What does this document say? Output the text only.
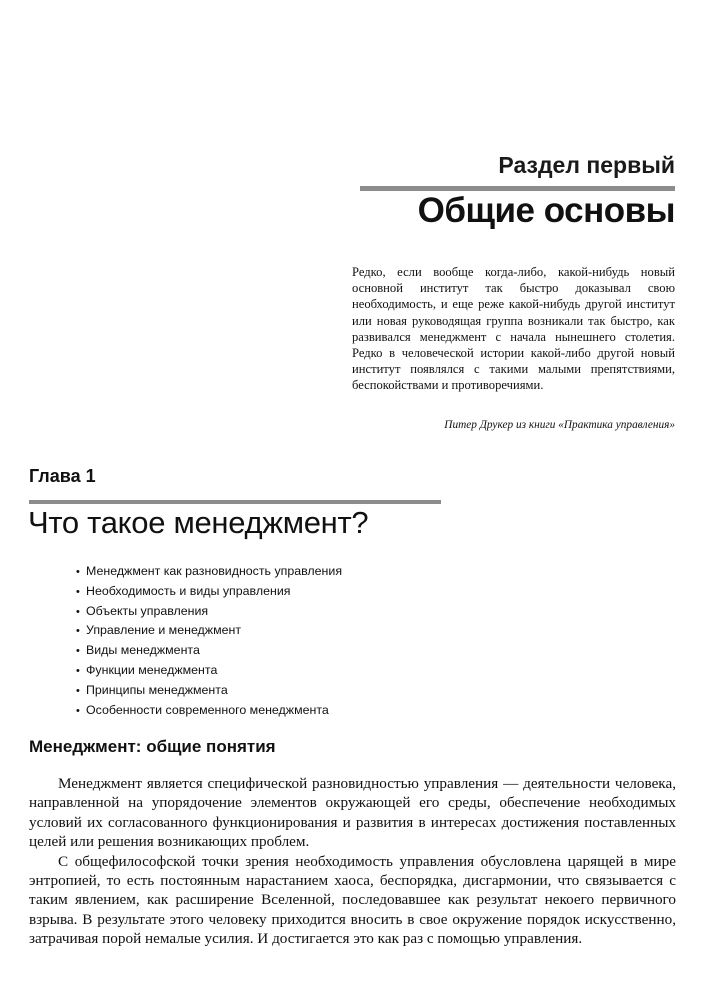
Раздел первый
Общие основы

Редко, если вообще когда-либо, какой-нибудь новый основной институт так быстро доказывал свою необходимость, и еще реже какой-нибудь другой институт или новая руководящая группа возникали так быстро, как развивался менеджмент с начала нынешнего столетия. Редко в человеческой истории какой-либо другой новый институт появлялся с такими малыми препятствиями, беспокойствами и противоречиями.

Питер Друкер из книги «Практика управления»

Глава 1
Что такое менеджмент?
• Менеджмент как разновидность управления
• Необходимость и виды управления
• Объекты управления
• Управление и менеджмент
• Виды менеджмента
• Функции менеджмента
• Принципы менеджмента
• Особенности современного менеджмента
Менеджмент: общие понятия

Менеджмент является специфической разновидностью управления — деятельности человека, направленной на упорядочение элементов окружающей его среды, обеспечение необходимых условий их согласованного функционирования и развития в интересах достижения поставленных целей или решения возникающих проблем.

С общефилософской точки зрения необходимость управления обусловлена царящей в мире энтропией, то есть постоянным нарастанием хаоса, беспорядка, дисгармонии, что связывается с таким явлением, как расширение Вселенной, последовавшее как результат некоего первичного взрыва. В результате этого человеку приходится вносить в свое окружение порядок искусственно, затрачивая порой немалые усилия. И достигается это как раз с помощью управления.
